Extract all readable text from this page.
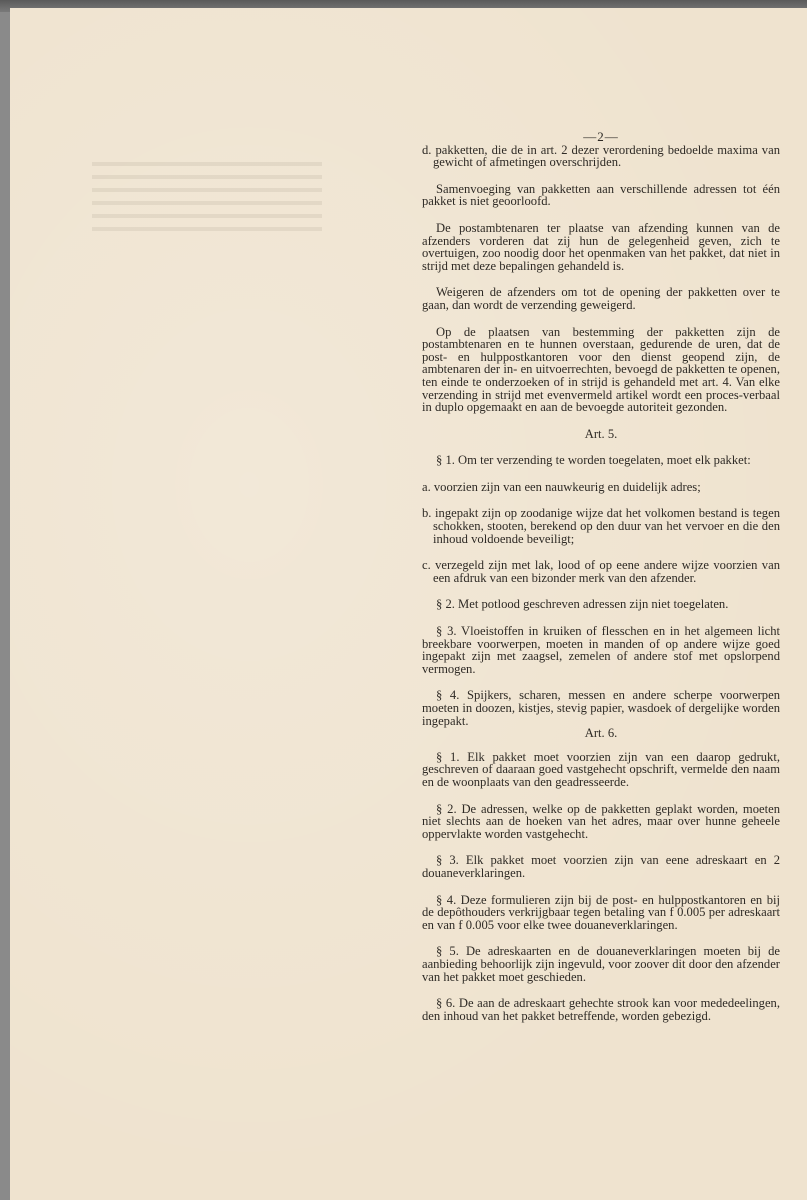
—2—

d. pakketten, die de in art. 2 dezer verordening bedoelde maxima van gewicht of afmetingen overschrijden.

Samenvoeging van pakketten aan verschillende adressen tot één pakket is niet geoorloofd.

De postambtenaren ter plaatse van afzending kunnen van de afzenders vorderen dat zij hun de gelegenheid geven, zich te overtuigen, zoo noodig door het openmaken van het pakket, dat niet in strijd met deze bepalingen gehandeld is.

Weigeren de afzenders om tot de opening der pakketten over te gaan, dan wordt de verzending geweigerd.

Op de plaatsen van bestemming der pakketten zijn de postambtenaren en te hunnen overstaan, gedurende de uren, dat de post- en hulppostkantoren voor den dienst geopend zijn, de ambtenaren der in- en uitvoerrechten, bevoegd de pakketten te openen, ten einde te onderzoeken of in strijd is gehandeld met art. 4. Van elke verzending in strijd met evenvermeld artikel wordt een proces-verbaal in duplo opgemaakt en aan de bevoegde autoriteit gezonden.

Art. 5.

§ 1. Om ter verzending te worden toegelaten, moet elk pakket:

a. voorzien zijn van een nauwkeurig en duidelijk adres;

b. ingepakt zijn op zoodanige wijze dat het volkomen bestand is tegen schokken, stooten, berekend op den duur van het vervoer en die den inhoud voldoende beveiligt;

c. verzegeld zijn met lak, lood of op eene andere wijze voorzien van een afdruk van een bizonder merk van den afzender.

§ 2. Met potlood geschreven adressen zijn niet toegelaten.

§ 3. Vloeistoffen in kruiken of flesschen en in het algemeen licht breekbare voorwerpen, moeten in manden of op andere wijze goed ingepakt zijn met zaagsel, zemelen of andere stof met opslorpend vermogen.

§ 4. Spijkers, scharen, messen en andere scherpe voorwerpen moeten in doozen, kistjes, stevig papier, wasdoek of dergelijke worden ingepakt.

Art. 6.

§ 1. Elk pakket moet voorzien zijn van een daarop gedrukt, geschreven of daaraan goed vastgehecht opschrift, vermelde den naam en de woonplaats van den geadresseerde.

§ 2. De adressen, welke op de pakketten geplakt worden, moeten niet slechts aan de hoeken van het adres, maar over hunne geheele oppervlakte worden vastgehecht.

§ 3. Elk pakket moet voorzien zijn van eene adreskaart en 2 douaneverklaringen.

§ 4. Deze formulieren zijn bij de post- en hulppostkantoren en bij de depôthouders verkrijgbaar tegen betaling van f 0.005 per adreskaart en van f 0.005 voor elke twee douaneverklaringen.

§ 5. De adreskaarten en de douaneverklaringen moeten bij de aanbieding behoorlijk zijn ingevuld, voor zoover dit door den afzender van het pakket moet geschieden.

§ 6. De aan de adreskaart gehechte strook kan voor mededeelingen, den inhoud van het pakket betreffende, worden gebezigd.
